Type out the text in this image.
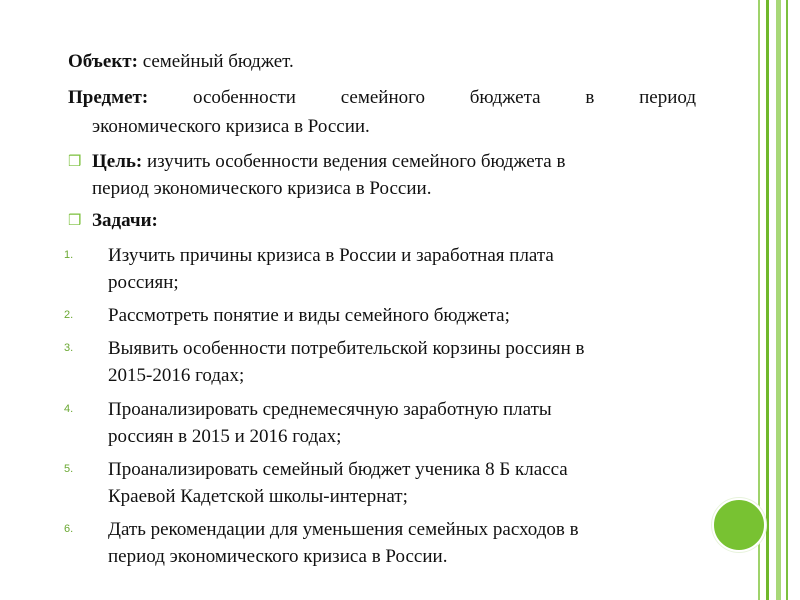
Объект: семейный бюджет.
Предмет: особенности семейного бюджета в период
экономического кризиса в России.
❒ Цель: изучить особенности ведения семейного бюджета в
период экономического кризиса в России.
❒ Задачи:
1.	Изучить причины кризиса в России и заработная плата
россиян;
2.	Рассмотреть понятие и виды семейного бюджета;
3.	Выявить особенности потребительской корзины россиян в
2015-2016 годах;
4.	Проанализировать среднемесячную заработную платы
россиян в 2015 и 2016 годах;
5.	Проанализировать семейный бюджет ученика 8 Б класса
Краевой Кадетской школы-интернат;
6.	Дать рекомендации для уменьшения семейных расходов в
период экономического кризиса в России.
